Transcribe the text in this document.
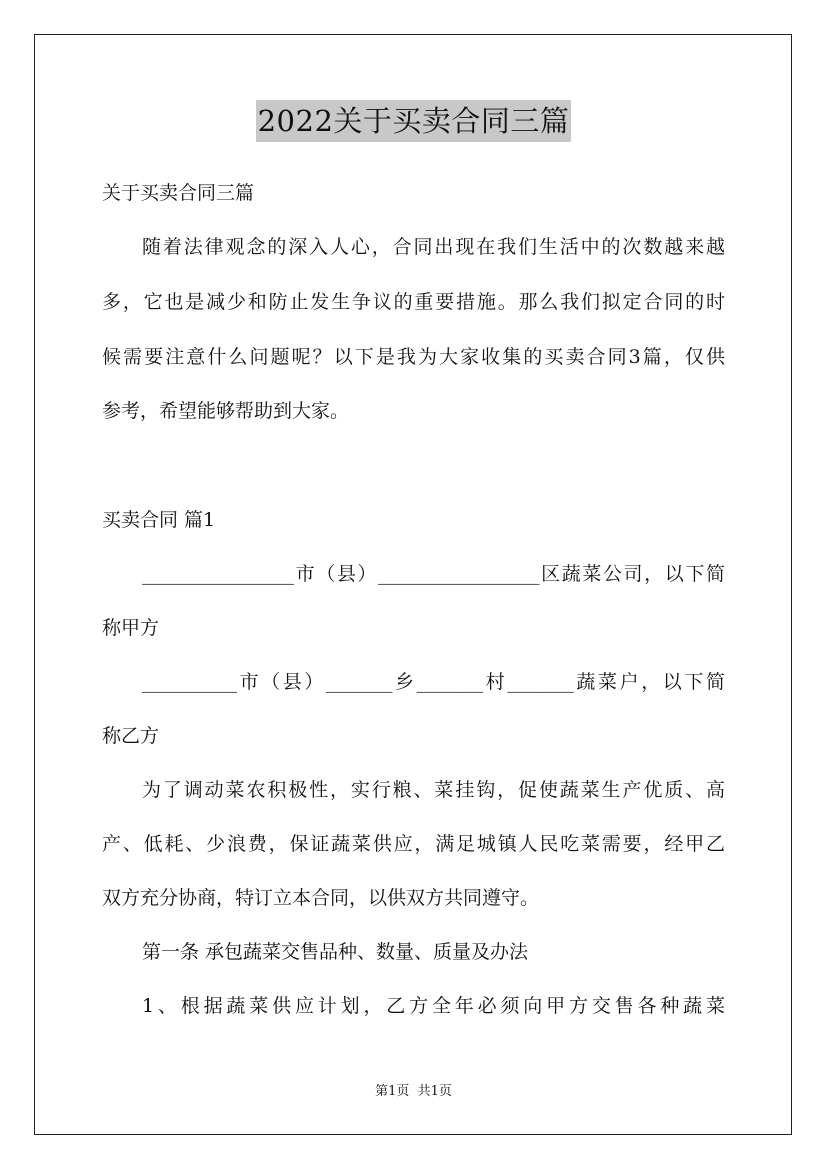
2022关于买卖合同三篇
关于买卖合同三篇
随着法律观念的深入人心，合同出现在我们生活中的次数越来越
多，它也是减少和防止发生争议的重要措施。那么我们拟定合同的时
候需要注意什么问题呢？以下是我为大家收集的买卖合同3篇，仅供
参考，希望能够帮助到大家。
买卖合同 篇1
________________市（县）_________________区蔬菜公司，以下简
称甲方
__________市（县）_______乡_______村_______蔬菜户，以下简
称乙方
为了调动菜农积极性，实行粮、菜挂钩，促使蔬菜生产优质、高
产、低耗、少浪费，保证蔬菜供应，满足城镇人民吃菜需要，经甲乙
双方充分协商，特订立本合同，以供双方共同遵守。
第一条 承包蔬菜交售品种、数量、质量及办法
1、根据蔬菜供应计划，乙方全年必须向甲方交售各种蔬菜
第1页  共1页
